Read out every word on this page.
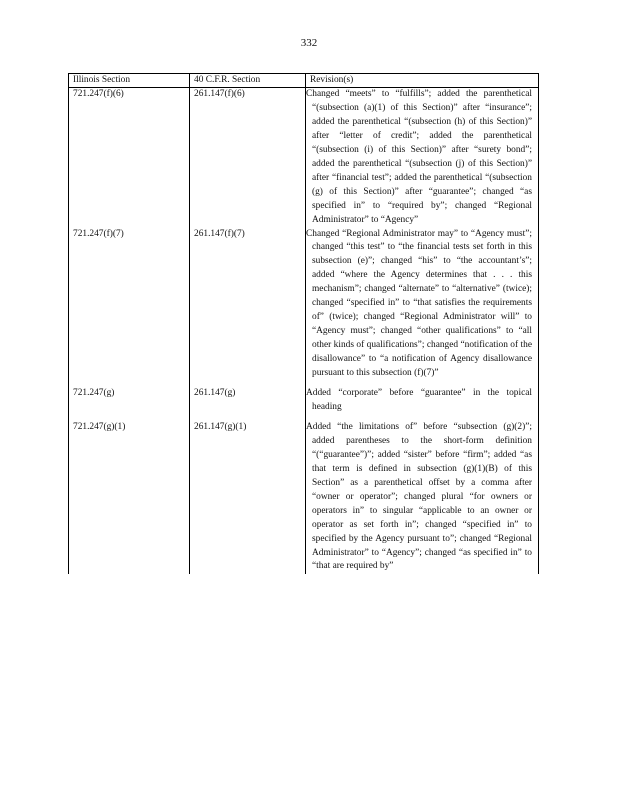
332
Illinois Section	40 C.F.R. Section	Revision(s)
721.247(f)(6)	261.147(f)(6)	Changed “meets” to “fulfills”; added the parenthetical “(subsection (a)(1) of this Section)” after “insurance”; added the parenthetical “(subsection (h) of this Section)” after “letter of credit”; added the parenthetical “(subsection (i) of this Section)” after “surety bond”; added the parenthetical “(subsection (j) of this Section)” after “financial test”; added the parenthetical “(subsection (g) of this Section)” after “guarantee”; changed “as specified in” to “required by”; changed “Regional Administrator” to “Agency”

721.247(f)(7)	261.147(f)(7)	Changed “Regional Administrator may” to “Agency must”; changed “this test” to “the financial tests set forth in this subsection (e)”; changed “his” to “the accountant’s”; added “where the Agency determines that . . . this mechanism”; changed “alternate” to “alternative” (twice); changed “specified in” to “that satisfies the requirements of” (twice); changed “Regional Administrator will” to “Agency must”; changed “other qualifications” to “all other kinds of qualifications”; changed “notification of the disallowance” to “a notification of Agency disallowance pursuant to this subsection (f)(7)”

721.247(g)	261.147(g)	Added “corporate” before “guarantee” in the topical heading

721.247(g)(1)	261.147(g)(1)	Added “the limitations of” before “subsection (g)(2)”; added parentheses to the short-form definition “(“guarantee”)”; added “sister” before “firm”; added “as that term is defined in subsection (g)(1)(B) of this Section” as a parenthetical offset by a comma after “owner or operator”; changed plural “for owners or operators in” to singular “applicable to an owner or operator as set forth in”; changed “specified in” to specified by the Agency pursuant to”; changed “Regional Administrator” to “Agency”; changed “as specified in” to “that are required by”
